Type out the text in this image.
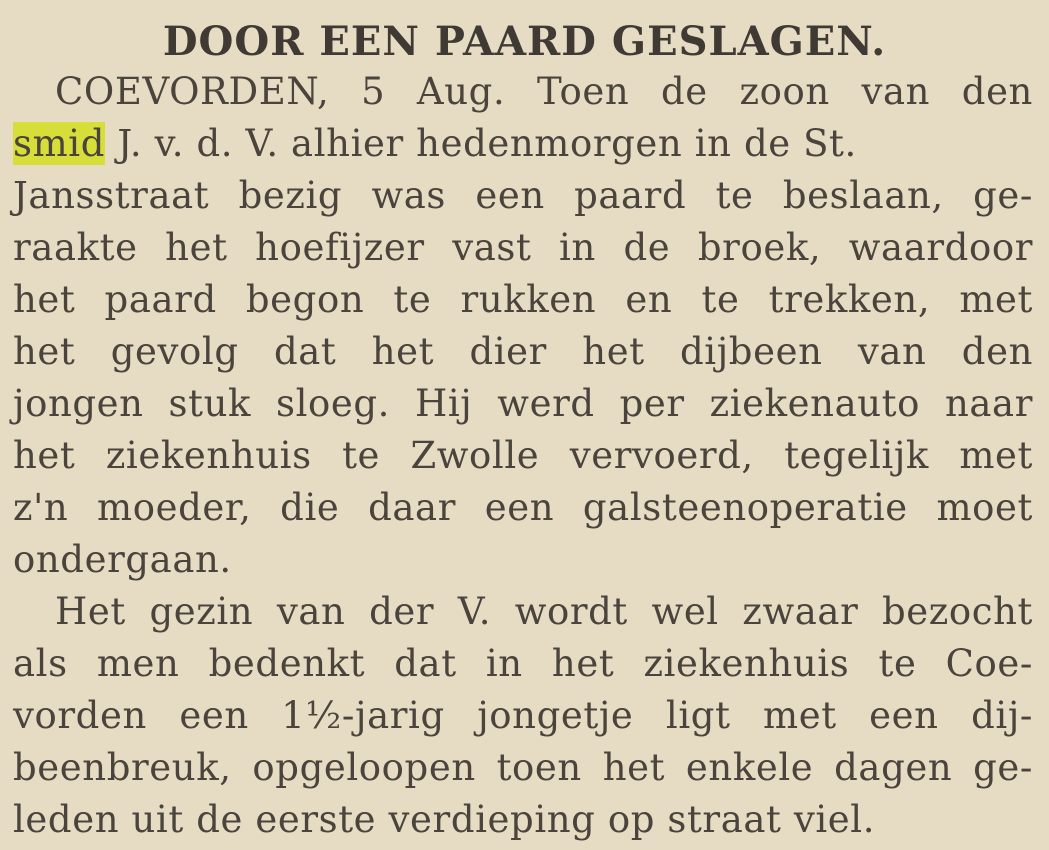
DOOR EEN PAARD GESLAGEN.
COEVORDEN, 5 Aug. Toen de zoon van den
smid J. v. d. V. alhier hedenmorgen in de St.
Jansstraat bezig was een paard te beslaan, ge-
raakte het hoefijzer vast in de broek, waardoor
het paard begon te rukken en te trekken, met
het gevolg dat het dier het dijbeen van den
jongen stuk sloeg. Hij werd per ziekenauto naar
het ziekenhuis te Zwolle vervoerd, tegelijk met
z'n moeder, die daar een galsteenoperatie moet
ondergaan.
Het gezin van der V. wordt wel zwaar bezocht
als men bedenkt dat in het ziekenhuis te Coe-
vorden een 1½-jarig jongetje ligt met een dij-
beenbreuk, opgeloopen toen het enkele dagen ge-
leden uit de eerste verdieping op straat viel.
